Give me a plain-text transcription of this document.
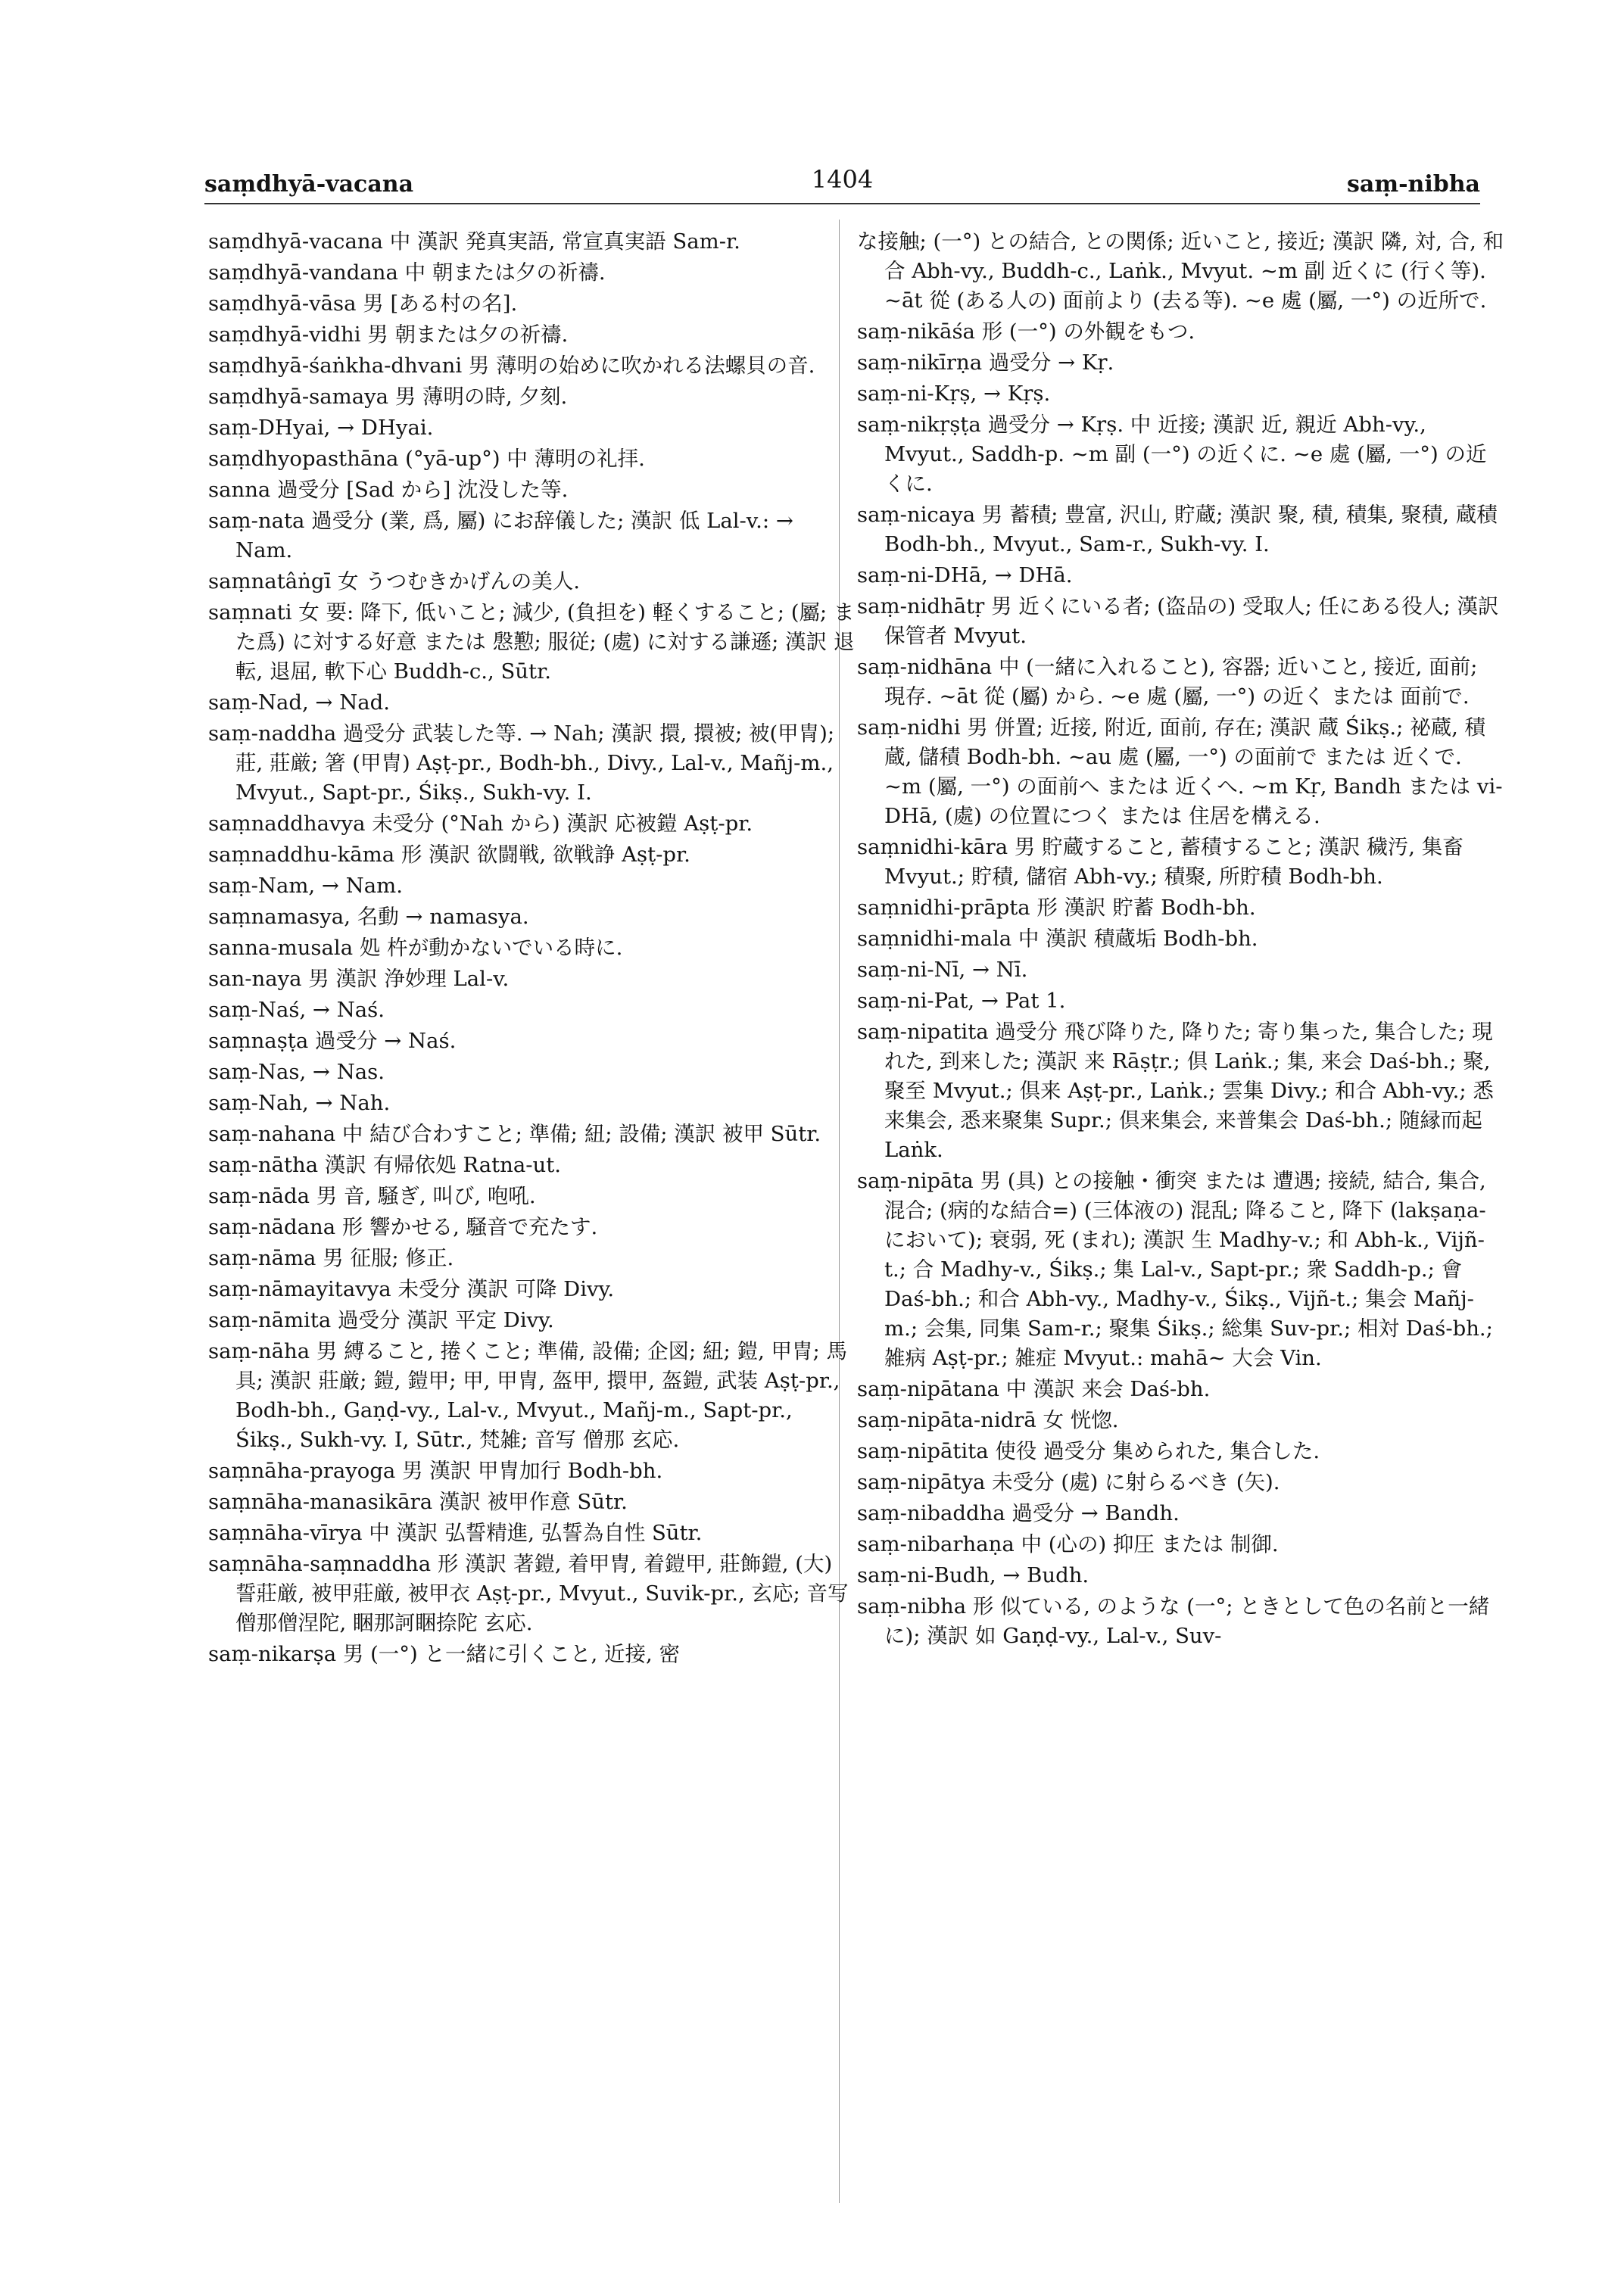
saṃdhyā-vacana	1404	saṃ-nibha

saṃdhyā-vacana 中 漢訳 発真実語, 常宣真実語 Sam-r.

saṃdhyā-vandana 中 朝または夕の祈禱.

saṃdhyā-vāsa 男 [ある村の名].

saṃdhyā-vidhi 男 朝または夕の祈禱.

saṃdhyā-śaṅkha-dhvani 男 薄明の始めに吹かれる法螺貝の音.

saṃdhyā-samaya 男 薄明の時, 夕刻.

saṃ-DHyai, → DHyai.

saṃdhyopasthāna (°yā-up°) 中 薄明の礼拝.

sanna 過受分 [Sad から] 沈没した等.

saṃ-nata 過受分 (業, 爲, 屬) にお辞儀した; 漢訳 低 Lal-v.: → Nam.

saṃnatâṅgī 女 うつむきかげんの美人.

saṃnati 女 要: 降下, 低いこと; 減少, (負担を) 軽くすること; (屬; また爲) に対する好意 または 慇懃; 服従; (處) に対する謙遜; 漢訳 退転, 退屈, 軟下心 Buddh-c., Sūtr.

saṃ-Nad, → Nad.

saṃ-naddha 過受分 武装した等. → Nah; 漢訳 擐, 擐被; 被(甲冑); 莊, 莊厳; 箸 (甲冑) Aṣṭ-pr., Bodh-bh., Divy., Lal-v., Mañj-m., Mvyut., Sapt-pr., Śikṣ., Sukh-vy. I.

saṃnaddhavya 未受分 (°Nah から) 漢訳 応被鎧 Aṣṭ-pr.

saṃnaddhu-kāma 形 漢訳 欲闘戦, 欲戦諍 Aṣṭ-pr.

saṃ-Nam, → Nam.

saṃnamasya, 名動 → namasya.

sanna-musala 処 杵が動かないでいる時に.

san-naya 男 漢訳 浄妙理 Lal-v.

saṃ-Naś, → Naś.

saṃnaṣṭa 過受分 → Naś.

saṃ-Nas, → Nas.

saṃ-Nah, → Nah.

saṃ-nahana 中 結び合わすこと; 準備; 紐; 設備; 漢訳 被甲 Sūtr.

saṃ-nātha 漢訳 有帰依処 Ratna-ut.

saṃ-nāda 男 音, 騒ぎ, 叫び, 咆吼.

saṃ-nādana 形 響かせる, 騒音で充たす.

saṃ-nāma 男 征服; 修正.

saṃ-nāmayitavya 未受分 漢訳 可降 Divy.

saṃ-nāmita 過受分 漢訳 平定 Divy.

saṃ-nāha 男 縛ること, 捲くこと; 準備, 設備; 企図; 紐; 鎧, 甲冑; 馬具; 漢訳 莊厳; 鎧, 鎧甲; 甲, 甲冑, 盔甲, 擐甲, 盔鎧, 武装 Aṣṭ-pr., Bodh-bh., Gaṇḍ-vy., Lal-v., Mvyut., Mañj-m., Sapt-pr., Śikṣ., Sukh-vy. I, Sūtr., 梵雑; 音写 僧那 玄応.

saṃnāha-prayoga 男 漢訳 甲冑加行 Bodh-bh.

saṃnāha-manasikāra 漢訳 被甲作意 Sūtr.

saṃnāha-vīrya 中 漢訳 弘誓精進, 弘誓為自性 Sūtr.

saṃnāha-saṃnaddha 形 漢訳 著鎧, 着甲冑, 着鎧甲, 莊飾鎧, (大) 誓莊厳, 被甲莊厳, 被甲衣 Aṣṭ-pr., Mvyut., Suvik-pr., 玄応; 音写 僧那僧涅陀, 睏那訶睏捺陀 玄応.

saṃ-nikarṣa 男 (一°) と一緒に引くこと, 近接, 密

な接触; (一°) との結合, との関係; 近いこと, 接近; 漢訳 隣, 対, 合, 和合 Abh-vy., Buddh-c., Laṅk., Mvyut. ~m 副 近くに (行く等). ~āt 從 (ある人の) 面前より (去る等). ~e 處 (屬, 一°) の近所で.

saṃ-nikāśa 形 (一°) の外観をもつ.

saṃ-nikīrṇa 過受分 → Kṛ.

saṃ-ni-Kṛṣ, → Kṛṣ.

saṃ-nikṛṣṭa 過受分 → Kṛṣ. 中 近接; 漢訳 近, 親近 Abh-vy., Mvyut., Saddh-p. ~m 副 (一°) の近くに. ~e 處 (屬, 一°) の近くに.

saṃ-nicaya 男 蓄積; 豊富, 沢山, 貯蔵; 漢訳 聚, 積, 積集, 聚積, 蔵積 Bodh-bh., Mvyut., Sam-r., Sukh-vy. I.

saṃ-ni-DHā, → DHā.

saṃ-nidhātṛ 男 近くにいる者; (盗品の) 受取人; 任にある役人; 漢訳 保管者 Mvyut.

saṃ-nidhāna 中 (一緒に入れること), 容器; 近いこと, 接近, 面前; 現存. ~āt 從 (屬) から. ~e 處 (屬, 一°) の近く または 面前で.

saṃ-nidhi 男 併置; 近接, 附近, 面前, 存在; 漢訳 蔵 Śikṣ.; 祕蔵, 積蔵, 儲積 Bodh-bh. ~au 處 (屬, 一°) の面前で または 近くで. ~m (屬, 一°) の面前へ または 近くへ. ~m Kṛ, Bandh または vi-DHā, (處) の位置につく または 住居を構える.

saṃnidhi-kāra 男 貯蔵すること, 蓄積すること; 漢訳 穢汚, 集畜 Mvyut.; 貯積, 儲宿 Abh-vy.; 積聚, 所貯積 Bodh-bh.

saṃnidhi-prāpta 形 漢訳 貯蓄 Bodh-bh.

saṃnidhi-mala 中 漢訳 積蔵垢 Bodh-bh.

saṃ-ni-Nī, → Nī.

saṃ-ni-Pat, → Pat 1.

saṃ-nipatita 過受分 飛び降りた, 降りた; 寄り集った, 集合した; 現れた, 到来した; 漢訳 来 Rāṣṭr.; 倶 Laṅk.; 集, 来会 Daś-bh.; 聚, 聚至 Mvyut.; 倶来 Aṣṭ-pr., Laṅk.; 雲集 Divy.; 和合 Abh-vy.; 悉来集会, 悉来聚集 Supr.; 倶来集会, 来普集会 Daś-bh.; 随縁而起 Laṅk.

saṃ-nipāta 男 (具) との接触・衝突 または 遭遇; 接続, 結合, 集合, 混合; (病的な結合=) (三体液の) 混乱; 降ること, 降下 (lakṣaṇa-において); 衰弱, 死 (まれ); 漢訳 生 Madhy-v.; 和 Abh-k., Vijñ-t.; 合 Madhy-v., Śikṣ.; 集 Lal-v., Sapt-pr.; 衆 Saddh-p.; 會 Daś-bh.; 和合 Abh-vy., Madhy-v., Śikṣ., Vijñ-t.; 集会 Mañj-m.; 会集, 同集 Sam-r.; 聚集 Śikṣ.; 総集 Suv-pr.; 相対 Daś-bh.; 雑病 Aṣṭ-pr.; 雑症 Mvyut.: mahā~ 大会 Vin.

saṃ-nipātana 中 漢訳 来会 Daś-bh.

saṃ-nipāta-nidrā 女 恍惚.

saṃ-nipātita 使役 過受分 集められた, 集合した.

saṃ-nipātya 未受分 (處) に射らるべき (矢).

saṃ-nibaddha 過受分 → Bandh.

saṃ-nibarhaṇa 中 (心の) 抑圧 または 制御.

saṃ-ni-Budh, → Budh.

saṃ-nibha 形 似ている, のような (一°; ときとして色の名前と一緒に); 漢訳 如 Gaṇḍ-vy., Lal-v., Suv-
